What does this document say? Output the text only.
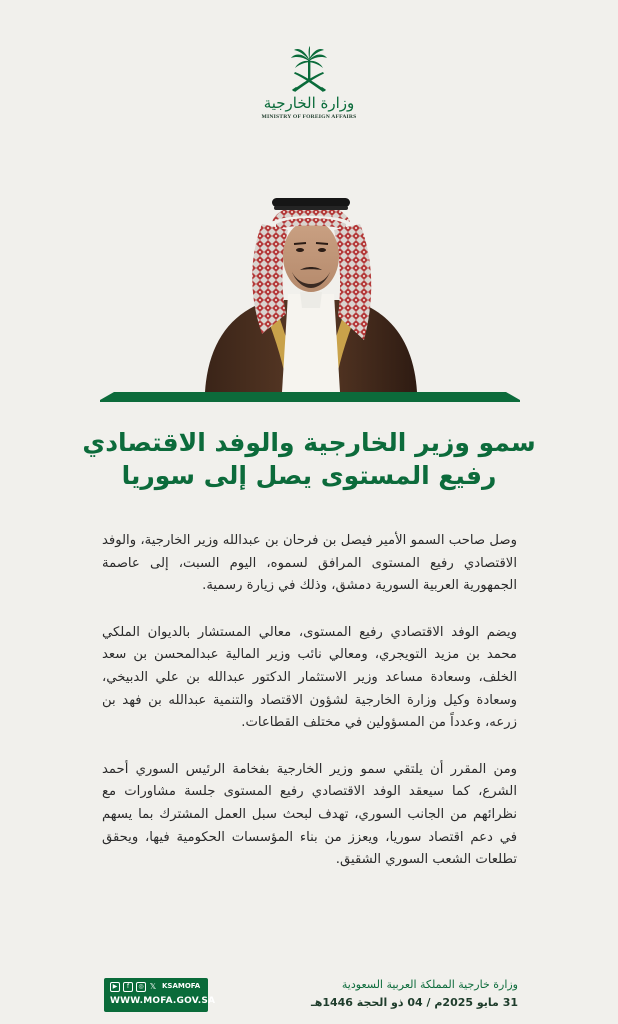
وزارة الخارجية
MINISTRY OF FOREIGN AFFAIRS
سمو وزير الخارجية والوفد الاقتصادي
رفيع المستوى يصل إلى سوريا

وصل صاحب السمو الأمير فيصل بن فرحان بن عبدالله وزير الخارجية، والوفد الاقتصادي رفيع المستوى المرافق لسموه، اليوم السبت، إلى عاصمة الجمهورية العربية السورية دمشق، وذلك في زيارة رسمية.

ويضم الوفد الاقتصادي رفيع المستوى، معالي المستشار بالديوان الملكي محمد بن مزيد التويجري، ومعالي نائب وزير المالية عبدالمحسن بن سعد الخلف، وسعادة مساعد وزير الاستثمار الدكتور عبدالله بن علي الدبيخي، وسعادة وكيل وزارة الخارجية لشؤون الاقتصاد والتنمية عبدالله بن فهد بن زرعه، وعدداً من المسؤولين في مختلف القطاعات.

ومن المقرر أن يلتقي سمو وزير الخارجية بفخامة الرئيس السوري أحمد الشرع، كما سيعقد الوفد الاقتصادي رفيع المستوى جلسة مشاورات مع نظرائهم من الجانب السوري، تهدف لبحث سبل العمل المشترك بما يسهم في دعم اقتصاد سوريا، ويعزز من بناء المؤسسات الحكومية فيها، ويحقق تطلعات الشعب السوري الشقيق.

▶	f	◎ 𝕏 KSAMOFA
WWW.MOFA.GOV.SA
وزارة خارجية المملكة العربية السعودية
31 مايو 2025م / 04 ذو الحجة 1446هـ
